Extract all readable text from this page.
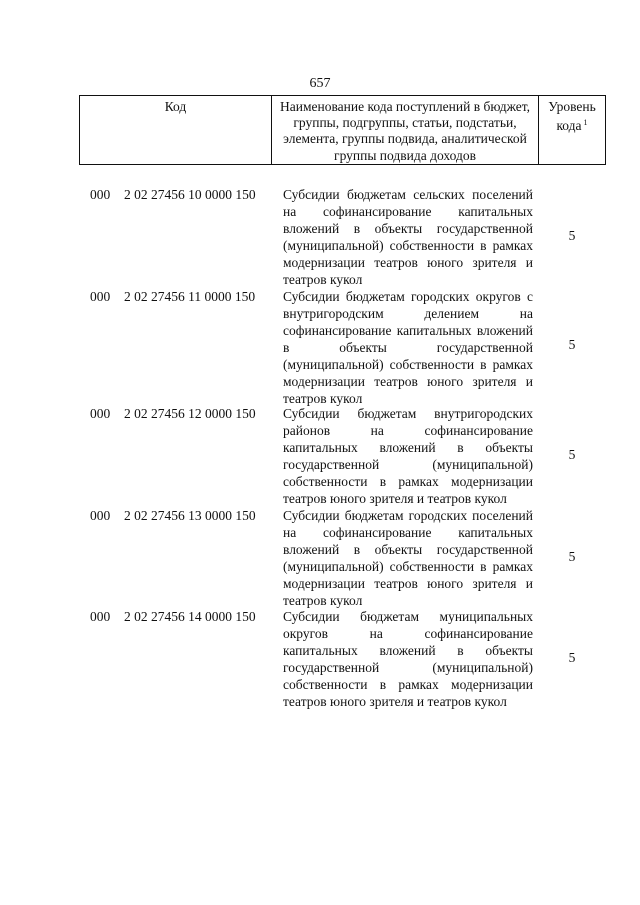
657
Код	Наименование кода поступлений в бюджет, группы, подгруппы, статьи, подстатьи, элемента, группы подвида, аналитической группы подвида доходов
Уровень кода $^1$
000 2 02 27456 10 0000 150 Субсидии бюджетам сельских поселений на софинансирование капитальных вложений в объекты государственной (муниципальной) собственности в рамках модернизации театров юного зрителя и театров кукол
5
000 2 02 27456 11 0000 150 Субсидии бюджетам городских округов с внутригородским делением на софинансирование капитальных вложений в объекты государственной (муниципальной) собственности в рамках модернизации театров юного зрителя и театров кукол
5
000 2 02 27456 12 0000 150 Субсидии бюджетам внутригородских районов на софинансирование капитальных вложений в объекты государственной (муниципальной) собственности в рамках модернизации театров юного зрителя и театров кукол
5
000 2 02 27456 13 0000 150 Субсидии бюджетам городских поселений на софинансирование капитальных вложений в объекты государственной (муниципальной) собственности в рамках модернизации театров юного зрителя и театров кукол
5
000 2 02 27456 14 0000 150 Субсидии бюджетам муниципальных округов на софинансирование капитальных вложений в объекты государственной (муниципальной) собственности в рамках модернизации театров юного зрителя и театров кукол
5
